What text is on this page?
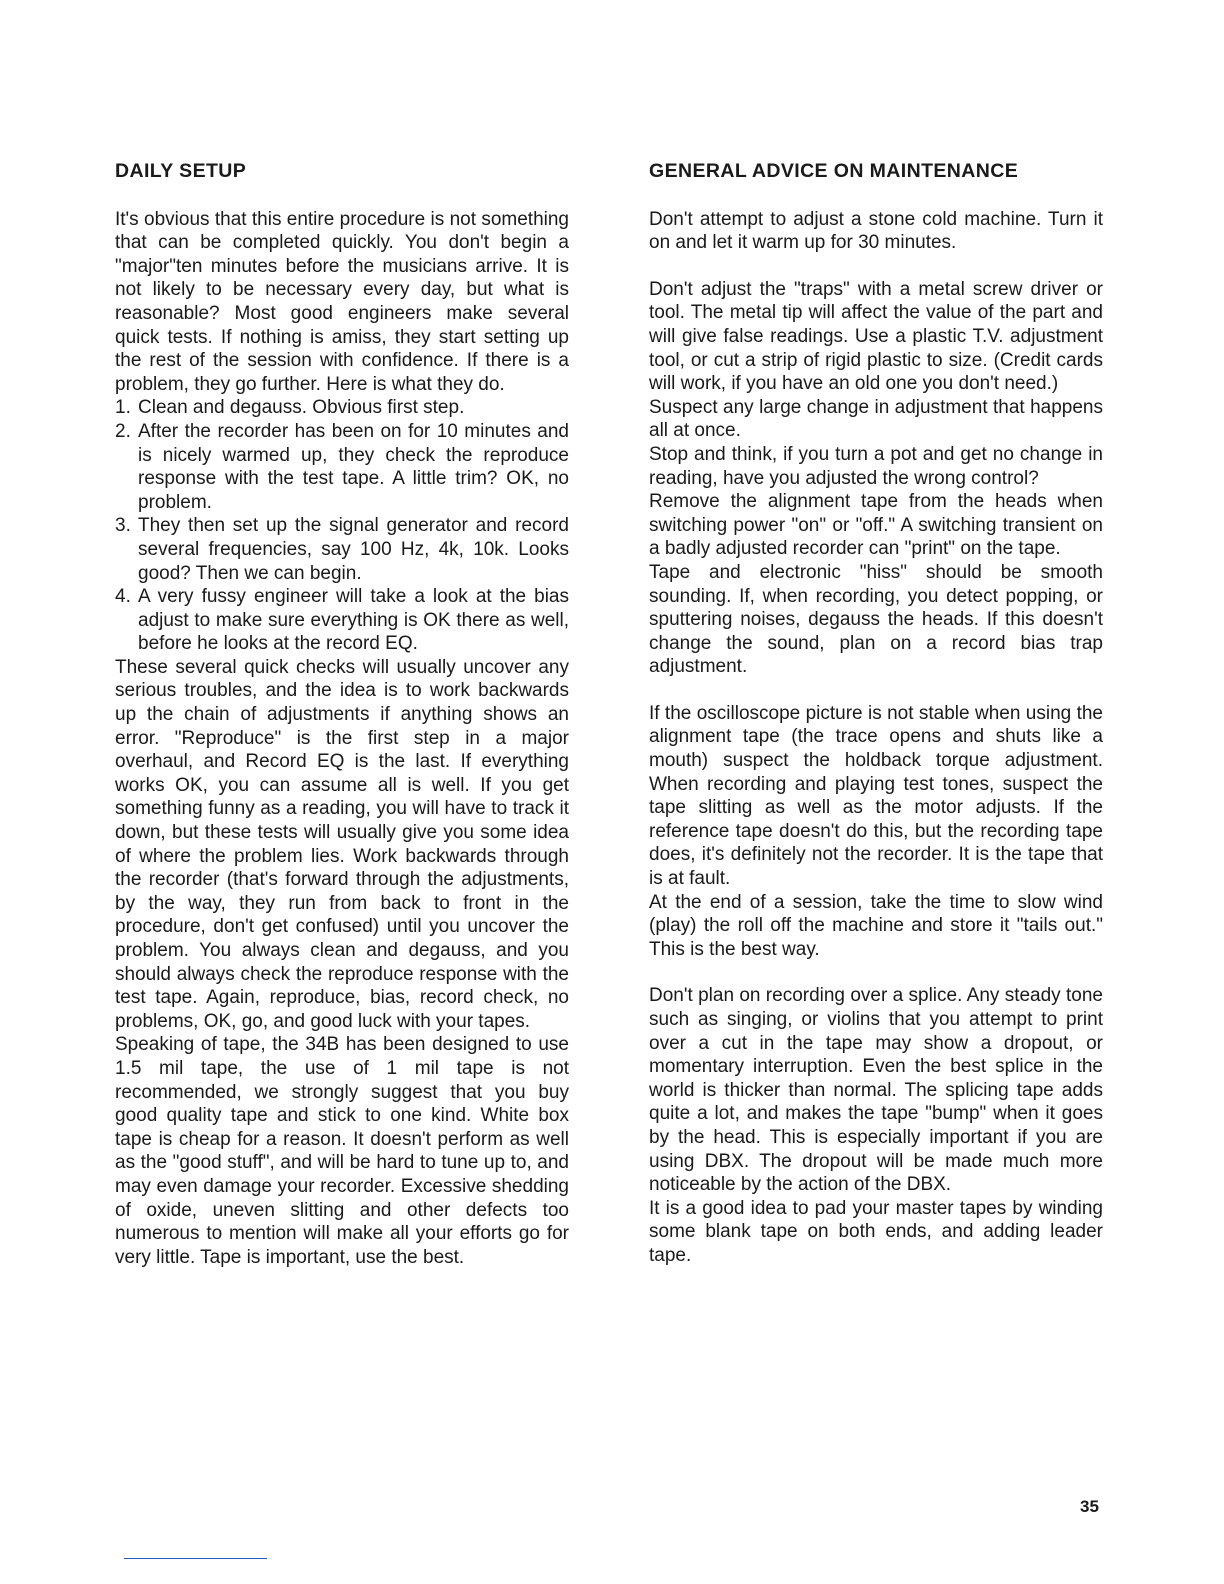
DAILY SETUP

It's obvious that this entire procedure is not something that can be completed quickly. You don't begin a "major"ten minutes before the musicians arrive. It is not likely to be necessary every day, but what is reasonable? Most good engineers make several quick tests. If nothing is amiss, they start setting up the rest of the session with confidence. If there is a problem, they go further. Here is what they do.

1. Clean and degauss. Obvious first step.
2. After the recorder has been on for 10 minutes and is nicely warmed up, they check the reproduce response with the test tape. A little trim? OK, no problem.
3. They then set up the signal generator and record several frequencies, say 100 Hz, 4k, 10k. Looks good? Then we can begin.
4. A very fussy engineer will take a look at the bias adjust to make sure everything is OK there as well, before he looks at the record EQ.

These several quick checks will usually uncover any serious troubles, and the idea is to work backwards up the chain of adjustments if anything shows an error. "Reproduce" is the first step in a major overhaul, and Record EQ is the last. If everything works OK, you can assume all is well. If you get something funny as a reading, you will have to track it down, but these tests will usually give you some idea of where the problem lies. Work backwards through the recorder (that's forward through the adjustments, by the way, they run from back to front in the procedure, don't get confused) until you uncover the problem. You always clean and degauss, and you should always check the reproduce response with the test tape. Again, reproduce, bias, record check, no problems, OK, go, and good luck with your tapes.

Speaking of tape, the 34B has been designed to use 1.5 mil tape, the use of 1 mil tape is not recommended, we strongly suggest that you buy good quality tape and stick to one kind. White box tape is cheap for a reason. It doesn't perform as well as the "good stuff", and will be hard to tune up to, and may even damage your recorder. Excessive shedding of oxide, uneven slitting and other defects too numerous to mention will make all your efforts go for very little. Tape is important, use the best.

GENERAL ADVICE ON MAINTENANCE

Don't attempt to adjust a stone cold machine. Turn it on and let it warm up for 30 minutes.

Don't adjust the "traps" with a metal screw driver or tool. The metal tip will affect the value of the part and will give false readings. Use a plastic T.V. adjustment tool, or cut a strip of rigid plastic to size. (Credit cards will work, if you have an old one you don't need.)

Suspect any large change in adjustment that happens all at once.

Stop and think, if you turn a pot and get no change in reading, have you adjusted the wrong control?

Remove the alignment tape from the heads when switching power "on" or "off." A switching transient on a badly adjusted recorder can "print" on the tape.

Tape and electronic "hiss" should be smooth sounding. If, when recording, you detect popping, or sputtering noises, degauss the heads. If this doesn't change the sound, plan on a record bias trap adjustment.

If the oscilloscope picture is not stable when using the alignment tape (the trace opens and shuts like a mouth) suspect the holdback torque adjustment. When recording and playing test tones, suspect the tape slitting as well as the motor adjusts. If the reference tape doesn't do this, but the recording tape does, it's definitely not the recorder. It is the tape that is at fault.

At the end of a session, take the time to slow wind (play) the roll off the machine and store it "tails out." This is the best way.

Don't plan on recording over a splice. Any steady tone such as singing, or violins that you attempt to print over a cut in the tape may show a dropout, or momentary interruption. Even the best splice in the world is thicker than normal. The splicing tape adds quite a lot, and makes the tape "bump" when it goes by the head. This is especially important if you are using DBX. The dropout will be made much more noticeable by the action of the DBX.

It is a good idea to pad your master tapes by winding some blank tape on both ends, and adding leader tape.

35
